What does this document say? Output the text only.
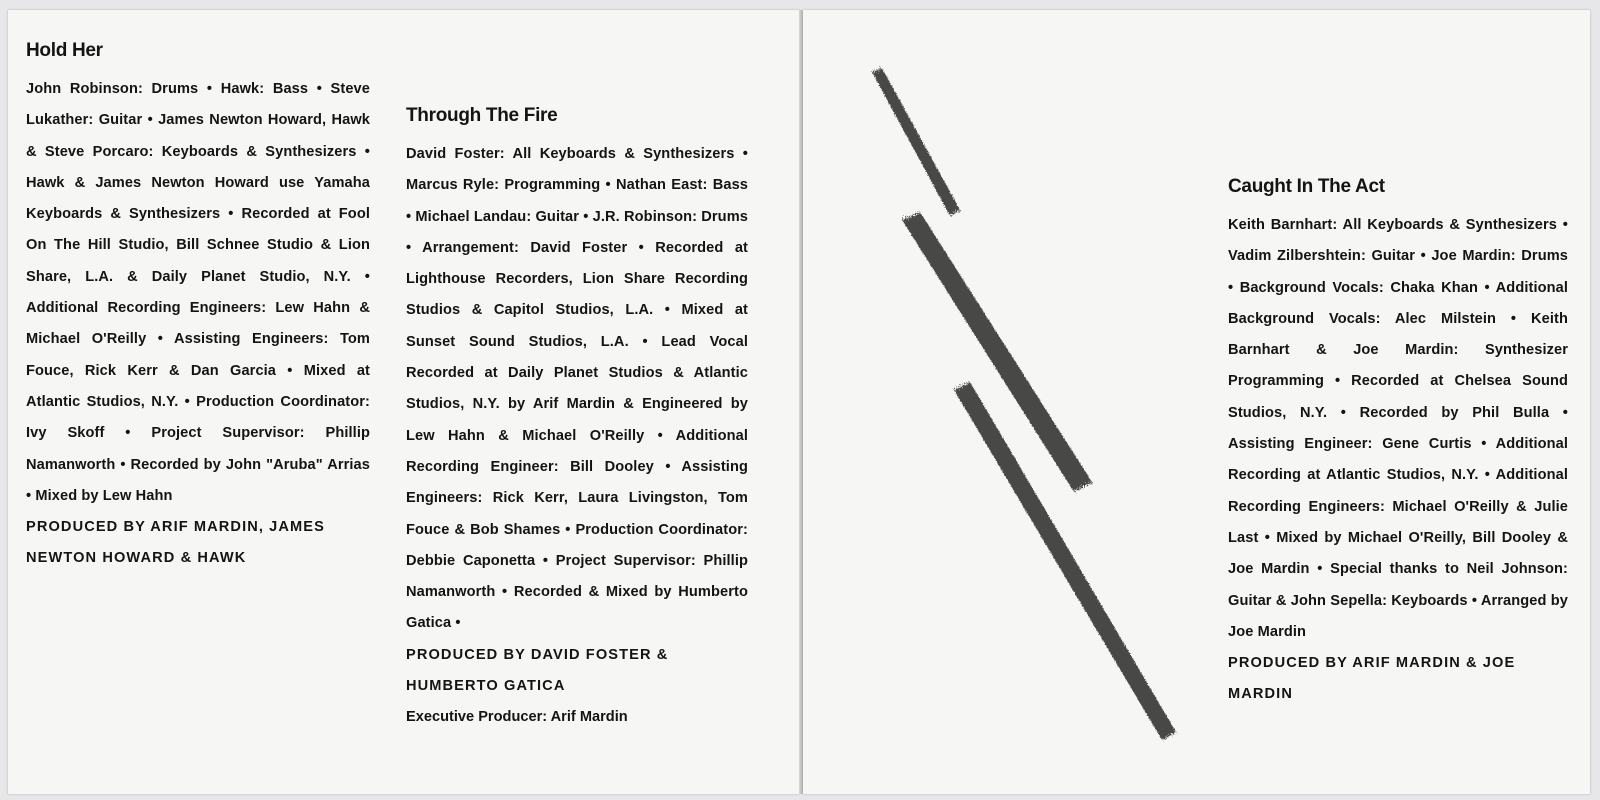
Hold Her

John Robinson: Drums • Hawk: Bass • Steve Lukather: Guitar • James Newton Howard, Hawk & Steve Porcaro: Keyboards & Synthesizers • Hawk & James Newton Howard use Yamaha Keyboards & Synthesizers • Recorded at Fool On The Hill Studio, Bill Schnee Studio & Lion Share, L.A. & Daily Planet Studio, N.Y. • Additional Recording Engineers: Lew Hahn & Michael O'Reilly • Assisting Engineers: Tom Fouce, Rick Kerr & Dan Garcia • Mixed at Atlantic Studios, N.Y. • Production Coordinator: Ivy Skoff • Project Supervisor: Phillip Namanworth • Recorded by John "Aruba" Arrias • Mixed by Lew Hahn

PRODUCED BY ARIF MARDIN, JAMES NEWTON HOWARD & HAWK

Through The Fire

David Foster: All Keyboards & Synthesizers • Marcus Ryle: Programming • Nathan East: Bass • Michael Landau: Guitar • J.R. Robinson: Drums • Arrangement: David Foster • Recorded at Lighthouse Recorders, Lion Share Recording Studios & Capitol Studios, L.A. • Mixed at Sunset Sound Studios, L.A. • Lead Vocal Recorded at Daily Planet Studios & Atlantic Studios, N.Y. by Arif Mardin & Engineered by Lew Hahn & Michael O'Reilly • Additional Recording Engineer: Bill Dooley • Assisting Engineers: Rick Kerr, Laura Livingston, Tom Fouce & Bob Shames • Production Coordinator: Debbie Caponetta • Project Supervisor: Phillip Namanworth • Recorded & Mixed by Humberto Gatica •

PRODUCED BY DAVID FOSTER & HUMBERTO GATICA

Executive Producer: Arif Mardin

Caught In The Act

Keith Barnhart: All Keyboards & Synthesizers • Vadim Zilbershtein: Guitar • Joe Mardin: Drums • Background Vocals: Chaka Khan • Additional Background Vocals: Alec Milstein • Keith Barnhart & Joe Mardin: Synthesizer Programming • Recorded at Chelsea Sound Studios, N.Y. • Recorded by Phil Bulla • Assisting Engineer: Gene Curtis • Additional Recording at Atlantic Studios, N.Y. • Additional Recording Engineers: Michael O'Reilly & Julie Last • Mixed by Michael O'Reilly, Bill Dooley & Joe Mardin • Special thanks to Neil Johnson: Guitar & John Sepella: Keyboards • Arranged by Joe Mardin

PRODUCED BY ARIF MARDIN & JOE MARDIN
